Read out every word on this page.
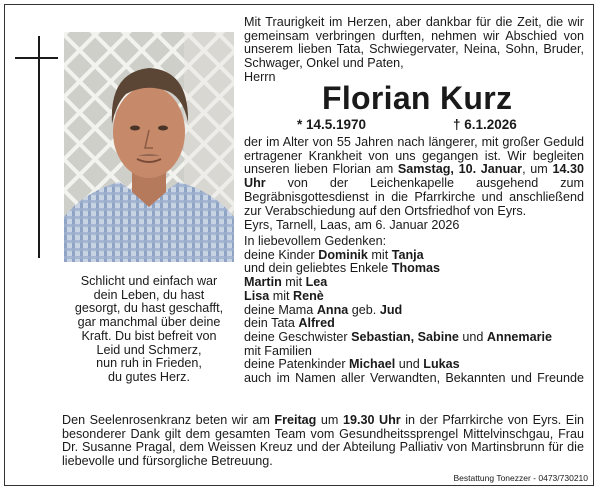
Mit Traurigkeit im Herzen, aber dankbar für die Zeit, die wir gemeinsam verbringen durften, nehmen wir Abschied von unserem lieben Tata, Schwiegervater, Neina, Sohn, Bruder, Schwager, Onkel und Paten,
Herrn
Florian Kurz
* 14.5.1970	† 6.1.2026
der im Alter von 55 Jahren nach längerer, mit großer Geduld ertragener Krankheit von uns gegangen ist. Wir begleiten unseren lieben Florian am Samstag, 10. Januar, um 14.30 Uhr von der Leichenkapelle ausgehend zum Begräbnisgottesdienst in die Pfarrkirche und anschließend zur Verabschiedung auf den Ortsfriedhof von Eyrs.
Eyrs, Tarnell, Laas, am 6. Januar 2026
In liebevollem Gedenken:
deine Kinder Dominik mit Tanja
und dein geliebtes Enkele Thomas
Martin mit Lea
Lisa mit Renè
deine Mama Anna geb. Jud
dein Tata Alfred
deine Geschwister Sebastian, Sabine und Annemarie
mit Familien
deine Patenkinder Michael und Lukas
auch im Namen aller Verwandten, Bekannten und Freunde
Schlicht und einfach war
dein Leben, du hast
gesorgt, du hast geschafft,
gar manchmal über deine
Kraft. Du bist befreit von
Leid und Schmerz,
nun ruh in Frieden,
du gutes Herz.
Den Seelenrosenkranz beten wir am Freitag um 19.30 Uhr in der Pfarrkirche von Eyrs. Ein besonderer Dank gilt dem gesamten Team vom Gesundheitssprengel Mittelvinschgau, Frau Dr. Susanne Pragal, dem Weissen Kreuz und der Abteilung Palliativ von Martinsbrunn für die liebevolle und fürsorgliche Betreuung.
Bestattung Tonezzer - 0473/730210
